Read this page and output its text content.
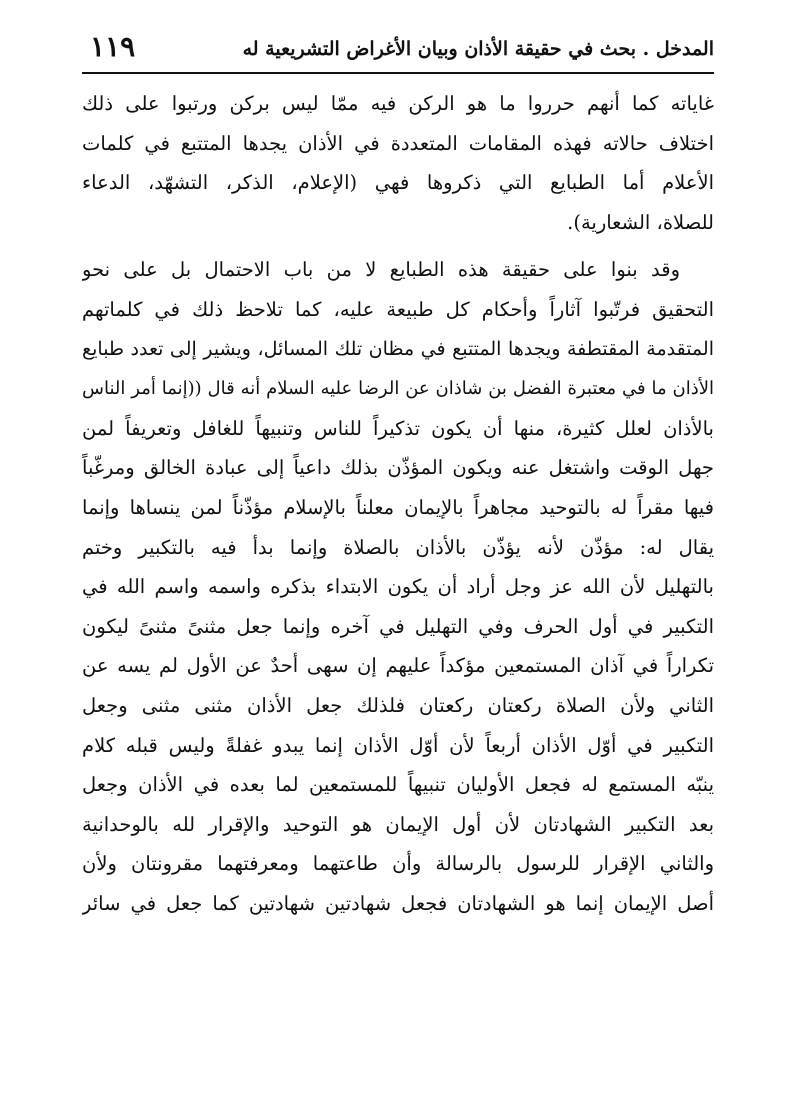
المدخل . بحث في حقيقة الأذان وبيان الأغراض التشريعية له
١١٩
غاياته كما أنهم حرروا ما هو الركن فيه ممّا ليس بركن ورتبوا على ذلك
اختلاف حالاته فهذه المقامات المتعددة في الأذان يجدها المتتبع في كلمات
الأعلام أما الطبايع التي ذكروها فهي (الإعلام، الذكر، التشهّد، الدعاء
للصلاة، الشعارية).
وقد بنوا على حقيقة هذه الطبايع لا من باب الاحتمال بل على نحو
التحقيق فرتّبوا آثاراً وأحكام كل طبيعة عليه، كما تلاحظ ذلك في كلماتهم
المتقدمة المقتطفة ويجدها المتتبع في مظان تلك المسائل، ويشير إلى تعدد طبايع
الأذان ما في معتبرة الفضل بن شاذان عن الرضا عليه السلام أنه قال ((إنما أمر الناس
بالأذان لعلل كثيرة، منها أن يكون تذكيراً للناس وتنبيهاً للغافل وتعريفاً لمن
جهل الوقت واشتغل عنه ويكون المؤذّن بذلك داعياً إلى عبادة الخالق ومرغّباً
فيها مقراً له بالتوحيد مجاهراً بالإيمان معلناً بالإسلام مؤذّناً لمن ينساها وإنما
يقال له: مؤذّن لأنه يؤذّن بالأذان بالصلاة وإنما بدأ فيه بالتكبير وختم
بالتهليل لأن الله عز وجل أراد أن يكون الابتداء بذكره واسمه واسم الله في
التكبير في أول الحرف وفي التهليل في آخره وإنما جعل مثنىً مثنىً ليكون
تكراراً في آذان المستمعين مؤكداً عليهم إن سهى أحدٌ عن الأول لم يسه عن
الثاني ولأن الصلاة ركعتان ركعتان فلذلك جعل الأذان مثنى مثنى وجعل
التكبير في أوّل الأذان أربعاً لأن أوّل الأذان إنما يبدو غفلةً وليس قبله كلام
ينبّه المستمع له فجعل الأوليان تنبيهاً للمستمعين لما بعده في الأذان وجعل
بعد التكبير الشهادتان لأن أول الإيمان هو التوحيد والإقرار لله بالوحدانية
والثاني الإقرار للرسول بالرسالة وأن طاعتهما ومعرفتهما مقرونتان ولأن
أصل الإيمان إنما هو الشهادتان فجعل شهادتين شهادتين كما جعل في سائر
